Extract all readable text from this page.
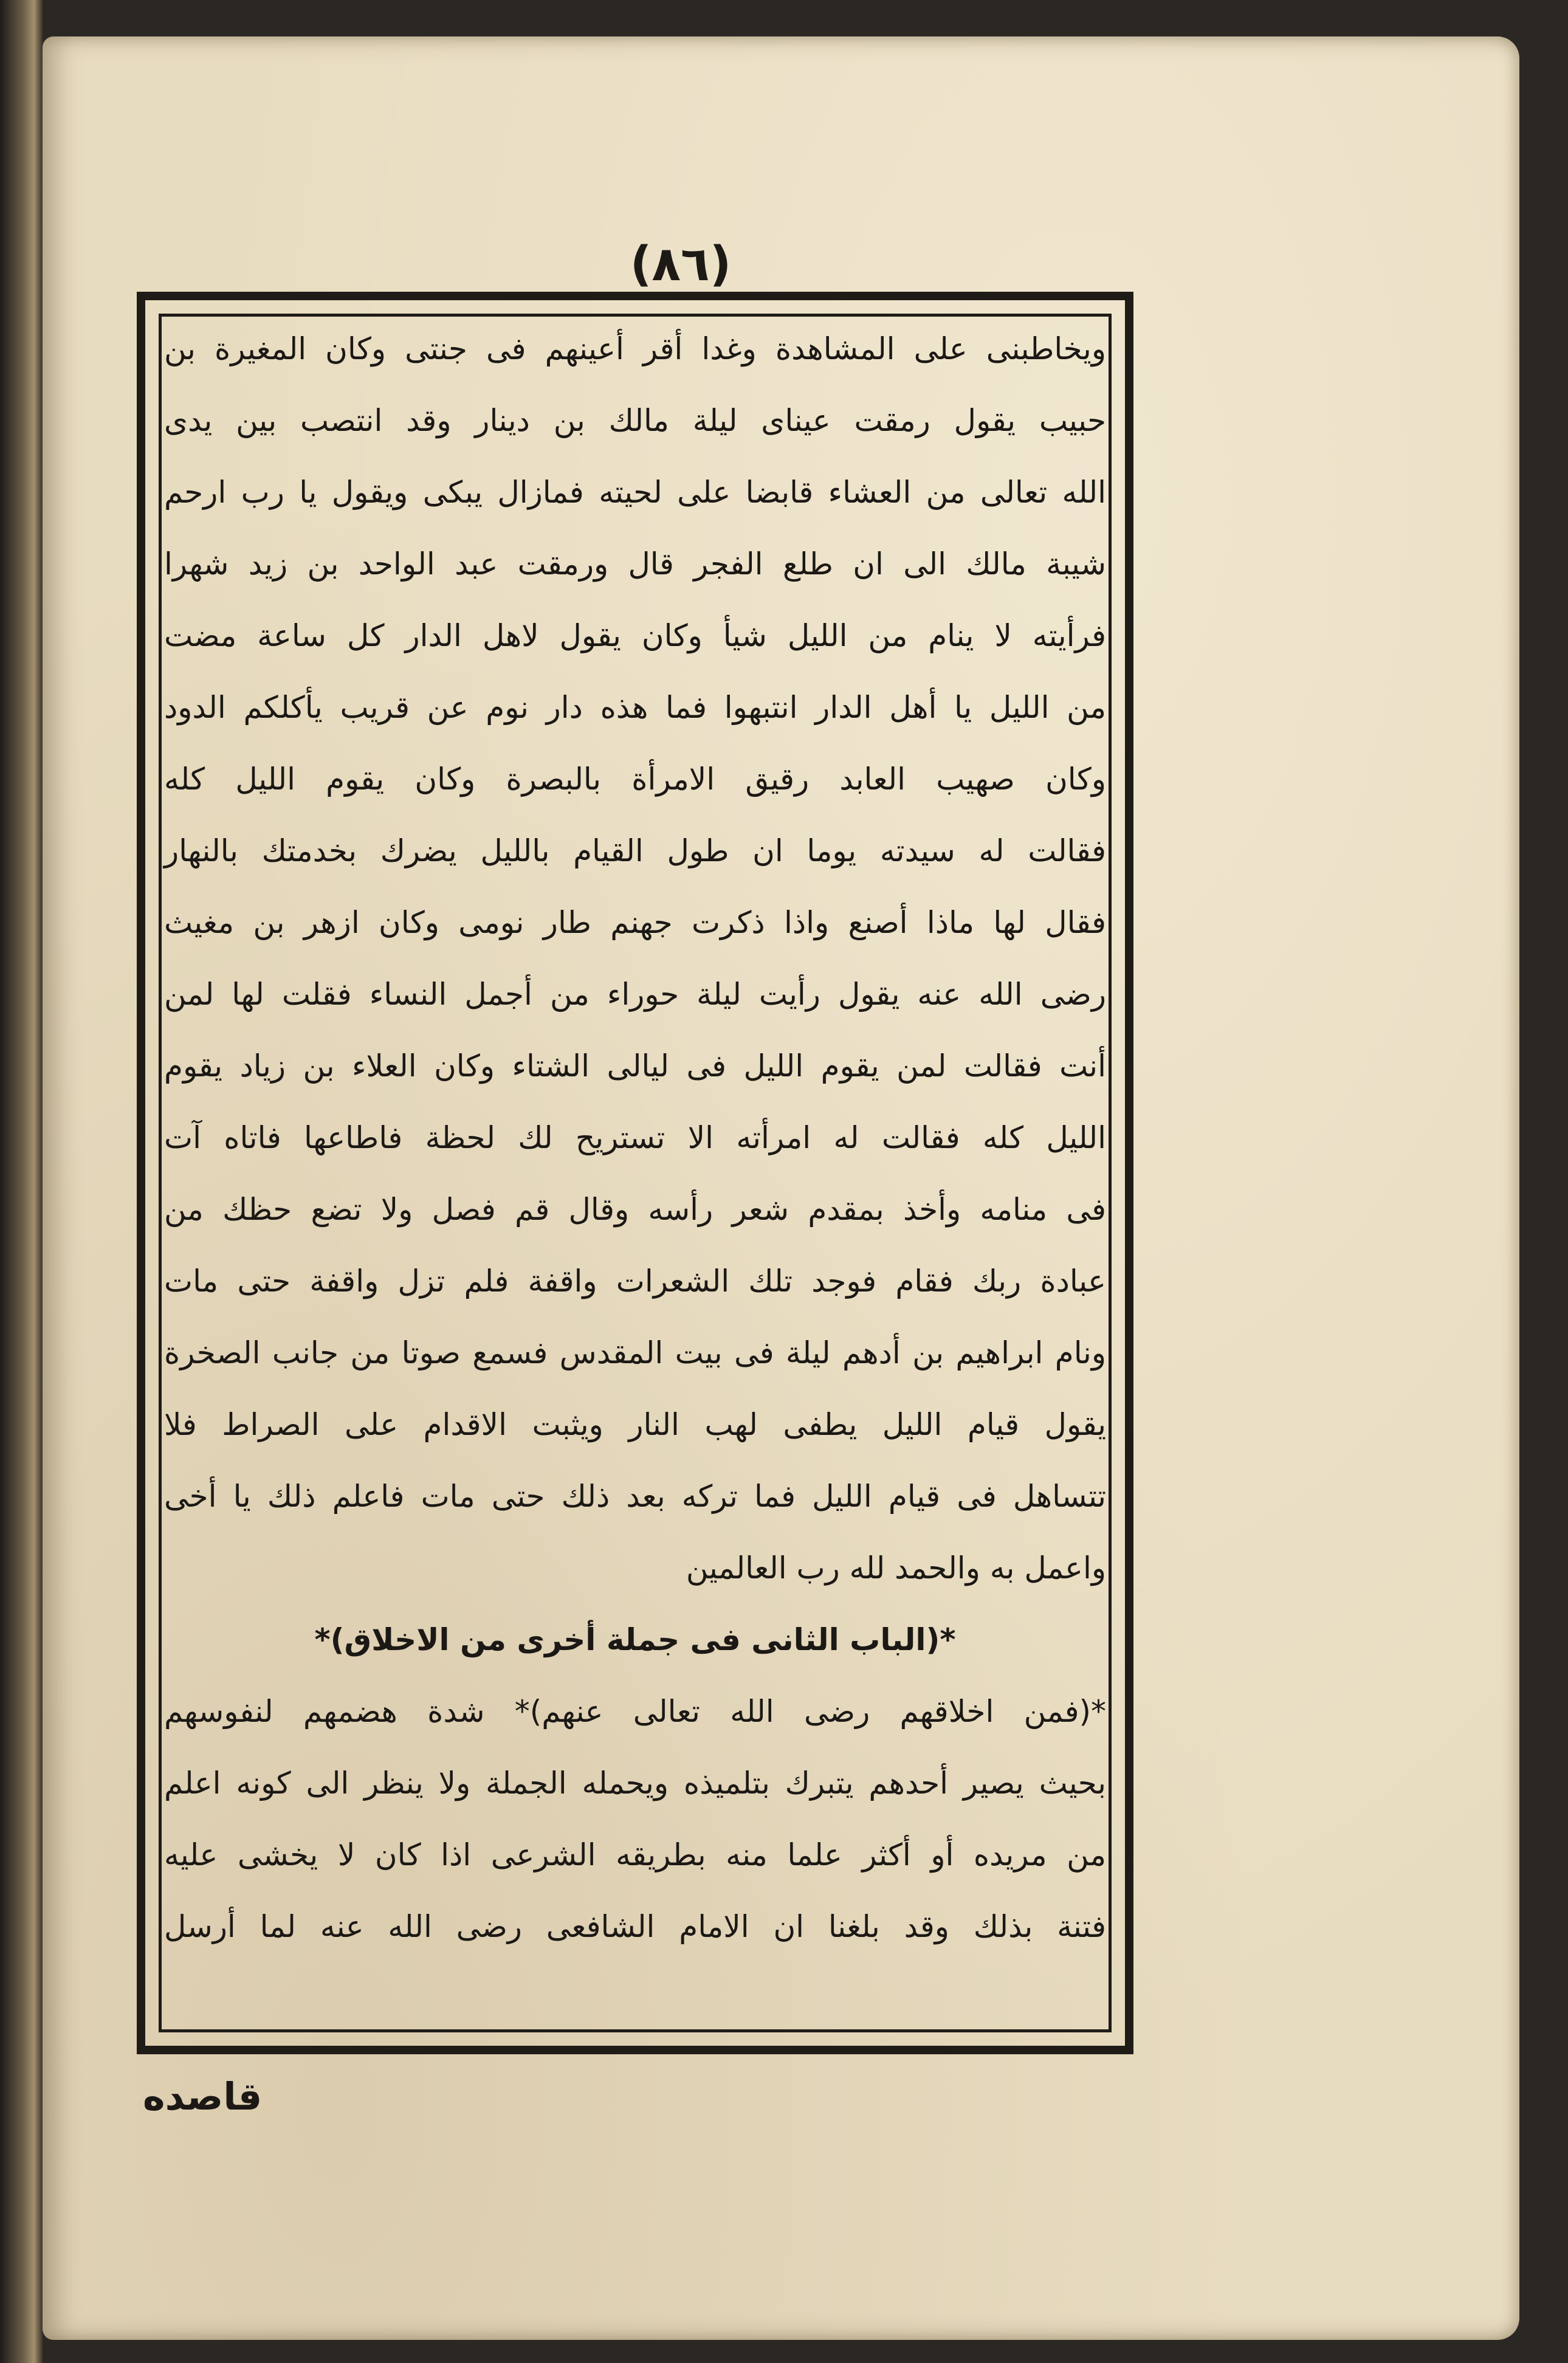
(٨٦)
ويخاطبنى على المشاهدة وغدا أقر أعينهم فى جنتى وكان المغيرة بن
حبيب يقول رمقت عيناى ليلة مالك بن دينار وقد انتصب بين يدى
الله تعالى من العشاء قابضا على لحيته فمازال يبكى ويقول يا رب ارحم
شيبة مالك الى ان طلع الفجر قال ورمقت عبد الواحد بن زيد شهرا
فرأيته لا ينام من الليل شيأ وكان يقول لاهل الدار كل ساعة مضت
من الليل يا أهل الدار انتبهوا فما هذه دار نوم عن قريب يأكلكم الدود
وكان صهيب العابد رقيق الامرأة بالبصرة وكان يقوم الليل كله
فقالت له سيدته يوما ان طول القيام بالليل يضرك بخدمتك بالنهار
فقال لها ماذا أصنع واذا ذكرت جهنم طار نومى وكان ازهر بن مغيث
رضى الله عنه يقول رأيت ليلة حوراء من أجمل النساء فقلت لها لمن
أنت فقالت لمن يقوم الليل فى ليالى الشتاء وكان العلاء بن زياد يقوم
الليل كله فقالت له امرأته الا تستريح لك لحظة فاطاعها فاتاه آت
فى منامه وأخذ بمقدم شعر رأسه وقال قم فصل ولا تضع حظك من
عبادة ربك فقام فوجد تلك الشعرات واقفة فلم تزل واقفة حتى مات
ونام ابراهيم بن أدهم ليلة فى بيت المقدس فسمع صوتا من جانب الصخرة
يقول قيام الليل يطفى لهب النار ويثبت الاقدام على الصراط فلا
تتساهل فى قيام الليل فما تركه بعد ذلك حتى مات فاعلم ذلك يا أخى
واعمل به والحمد لله رب العالمين
*(الباب الثانى فى جملة أخرى من الاخلاق)*
*(فمن اخلاقهم رضى الله تعالى عنهم)* شدة هضمهم لنفوسهم
بحيث يصير أحدهم يتبرك بتلميذه ويحمله الجملة ولا ينظر الى كونه اعلم
من مريده أو أكثر علما منه بطريقه الشرعى اذا كان لا يخشى عليه
فتنة بذلك وقد بلغنا ان الامام الشافعى رضى الله عنه لما أرسل
قاصده
